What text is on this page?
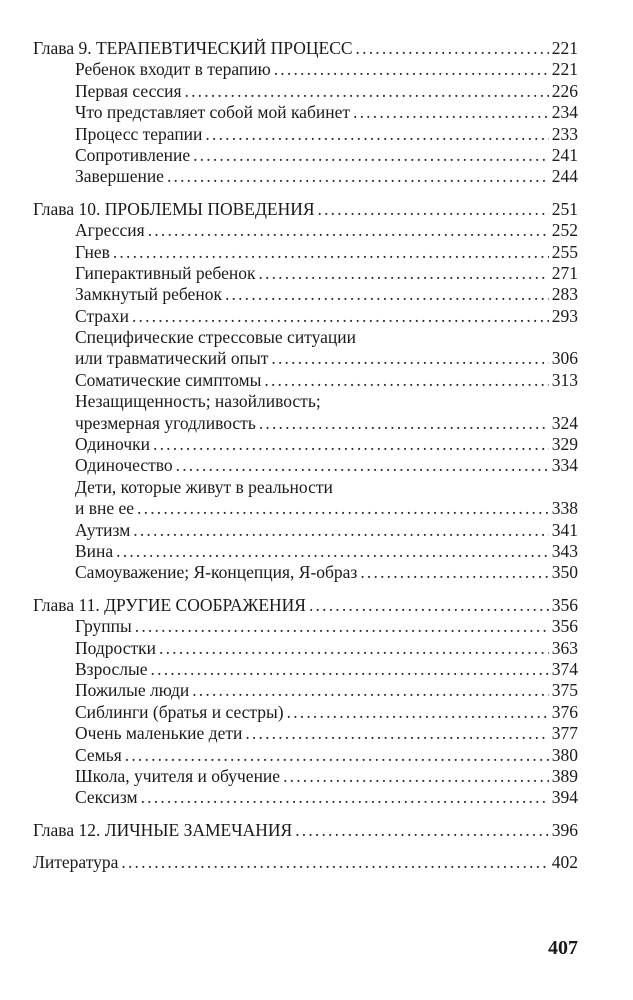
Глава 9. ТЕРАПЕВТИЧЕСКИЙ ПРОЦЕСС .....	221
Ребенок входит в терапию .....	221
Первая сессия .....	226
Что представляет собой мой кабинет .....	234
Процесс терапии .....	233
Сопротивление .....	241
Завершение .....	244
Глава 10. ПРОБЛЕМЫ ПОВЕДЕНИЯ .....	251
Агрессия .....	252
Гнев .....	255
Гиперактивный ребенок .....	271
Замкнутый ребенок .....	283
Страхи .....	293
Специфические стрессовые ситуации
или травматический опыт .....	306
Соматические симптомы .....	313
Незащищенность; назойливость;
чрезмерная угодливость .....	324
Одиночки .....	329
Одиночество .....	334
Дети, которые живут в реальности
и вне ее .....	338
Аутизм .....	341
Вина .....	343
Самоуважение; Я-концепция, Я-образ .....	350
Глава 11. ДРУГИЕ СООБРАЖЕНИЯ .....	356
Группы .....	356
Подростки .....	363
Взрослые .....	374
Пожилые люди .....	375
Сиблинги (братья и сестры) .....	376
Очень маленькие дети .....	377
Семья .....	380
Школа, учителя и обучение .....	389
Сексизм .....	394
Глава 12. ЛИЧНЫЕ ЗАМЕЧАНИЯ .....	396
Литература .....	402
407
